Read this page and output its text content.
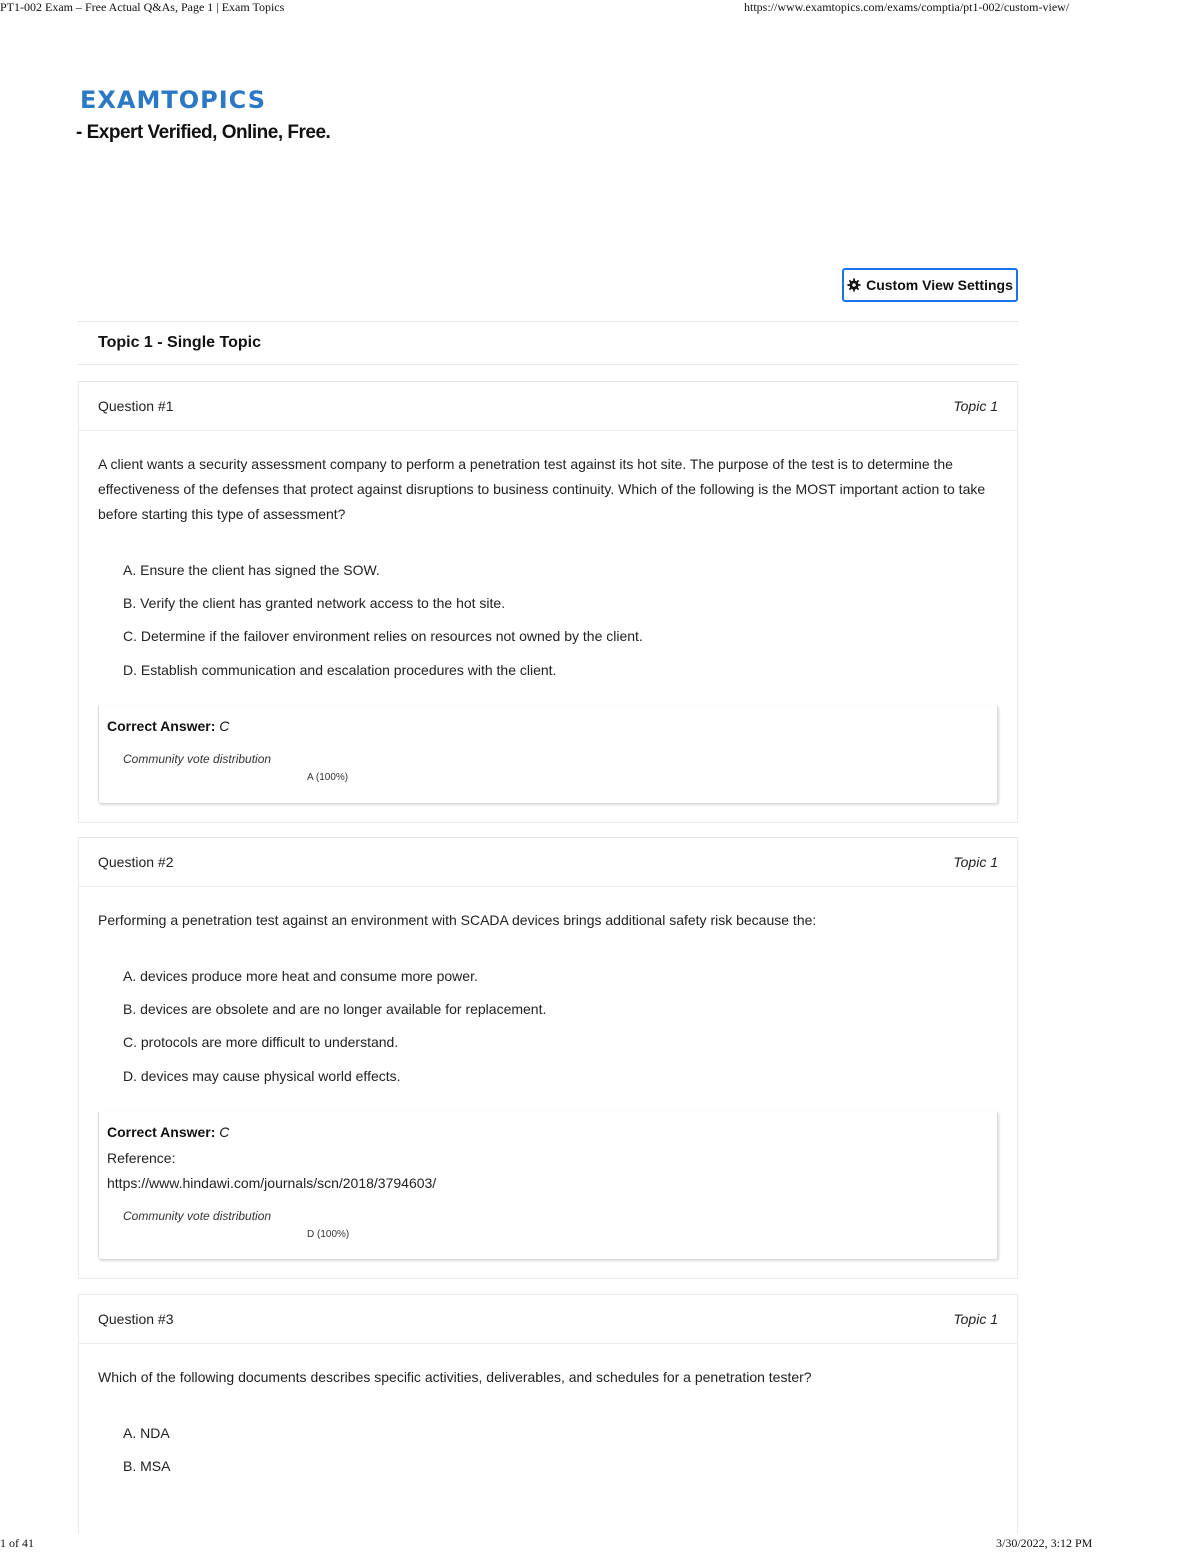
PT1-002 Exam – Free Actual Q&As, Page 1 | Exam Topics	https://www.examtopics.com/exams/comptia/pt1-002/custom-view/
EXAMTOPICS
- Expert Verified, Online, Free.
Custom View Settings
Topic 1 - Single Topic
Question #1	Topic 1
A client wants a security assessment company to perform a penetration test against its hot site. The purpose of the test is to determine the effectiveness of the defenses that protect against disruptions to business continuity. Which of the following is the MOST important action to take before starting this type of assessment?
A. Ensure the client has signed the SOW.
B. Verify the client has granted network access to the hot site.
C. Determine if the failover environment relies on resources not owned by the client.
D. Establish communication and escalation procedures with the client.
Correct Answer: C
Community vote distribution
A (100%)
Question #2	Topic 1
Performing a penetration test against an environment with SCADA devices brings additional safety risk because the:
A. devices produce more heat and consume more power.
B. devices are obsolete and are no longer available for replacement.
C. protocols are more difficult to understand.
D. devices may cause physical world effects.
Correct Answer: C
Reference:
https://www.hindawi.com/journals/scn/2018/3794603/
Community vote distribution
D (100%)
Question #3	Topic 1
Which of the following documents describes specific activities, deliverables, and schedules for a penetration tester?
A. NDA
B. MSA
1 of 41	3/30/2022, 3:12 PM
